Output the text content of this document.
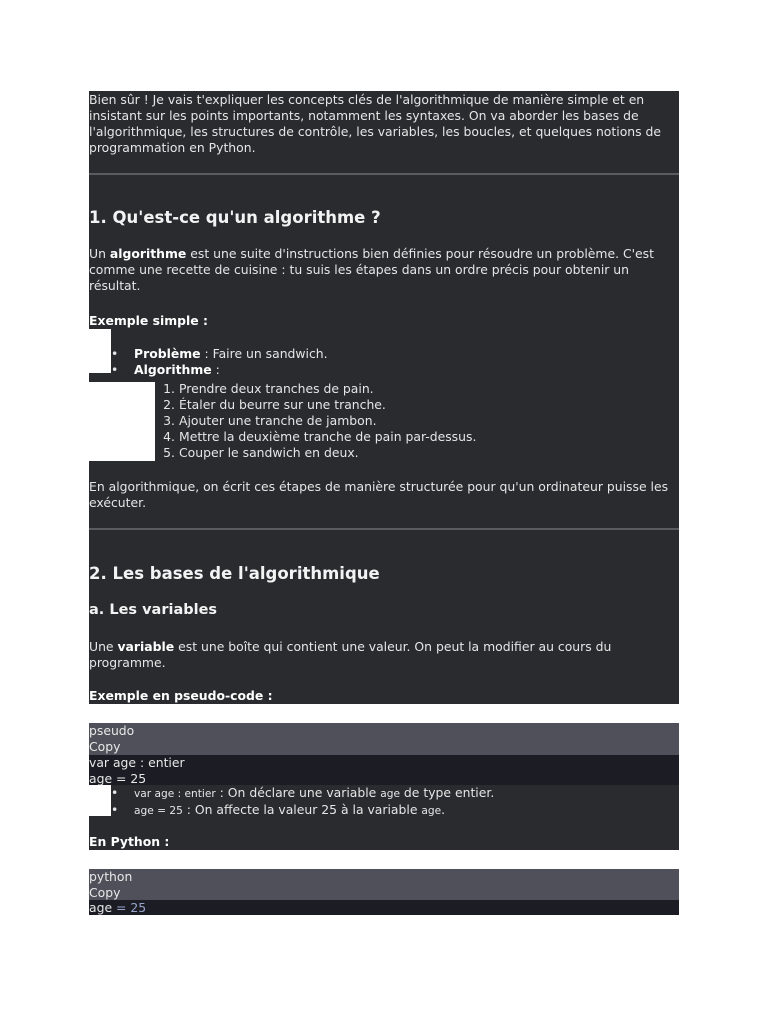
Bien sûr ! Je vais t'expliquer les concepts clés de l'algorithmique de manière simple et en insistant sur les points importants, notamment les syntaxes. On va aborder les bases de l'algorithmique, les structures de contrôle, les variables, les boucles, et quelques notions de programmation en Python.

1. Qu'est-ce qu'un algorithme ?

Un algorithme est une suite d'instructions bien définies pour résoudre un problème. C'est comme une recette de cuisine : tu suis les étapes dans un ordre précis pour obtenir un résultat.

Exemple simple :

• Problème : Faire un sandwich.
• Algorithme :
1. Prendre deux tranches de pain.
2. Étaler du beurre sur une tranche.
3. Ajouter une tranche de jambon.
4. Mettre la deuxième tranche de pain par-dessus.
5. Couper le sandwich en deux.

En algorithmique, on écrit ces étapes de manière structurée pour qu'un ordinateur puisse les exécuter.

2. Les bases de l'algorithmique
a. Les variables

Une variable est une boîte qui contient une valeur. On peut la modifier au cours du programme.

Exemple en pseudo-code :

pseudo
Copy
var age : entier
age = 25
• var age : entier : On déclare une variable age de type entier.
• age = 25 : On affecte la valeur 25 à la variable age.

En Python :

python
Copy
age = 25
